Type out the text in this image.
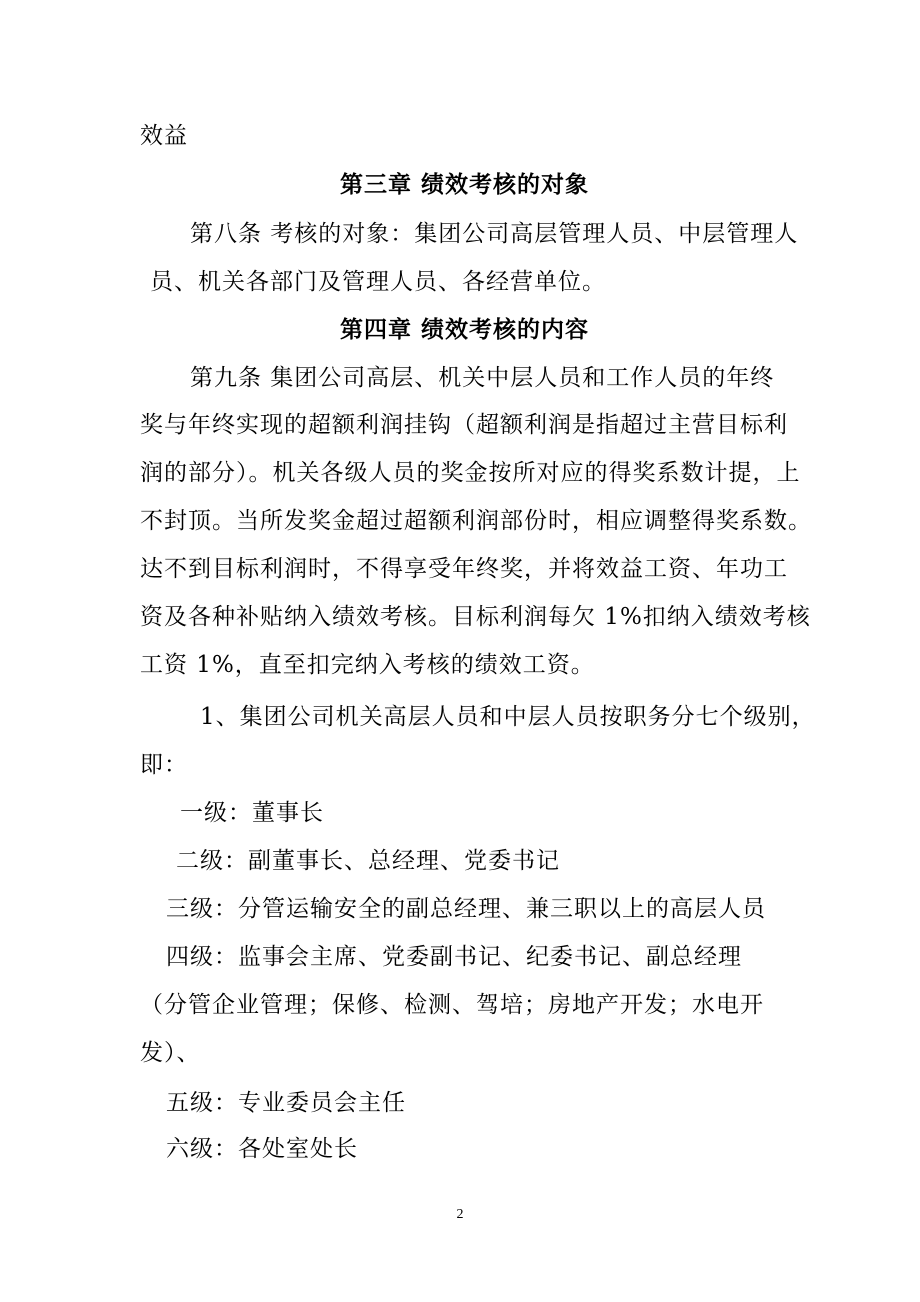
效益
第三章 绩效考核的对象
第八条 考核的对象：集团公司高层管理人员、中层管理人
员、机关各部门及管理人员、各经营单位。
第四章 绩效考核的内容
第九条 集团公司高层、机关中层人员和工作人员的年终
奖与年终实现的超额利润挂钩（超额利润是指超过主营目标利
润的部分）。机关各级人员的奖金按所对应的得奖系数计提，上
不封顶。当所发奖金超过超额利润部份时，相应调整得奖系数。
达不到目标利润时，不得享受年终奖，并将效益工资、年功工
资及各种补贴纳入绩效考核。目标利润每欠 1%扣纳入绩效考核
工资 1%，直至扣完纳入考核的绩效工资。
1、集团公司机关高层人员和中层人员按职务分七个级别，
即：
一级：董事长
二级：副董事长、总经理、党委书记
三级：分管运输安全的副总经理、兼三职以上的高层人员
四级：监事会主席、党委副书记、纪委书记、副总经理
（分管企业管理；保修、检测、驾培；房地产开发；水电开
发）、
五级：专业委员会主任
六级：各处室处长
2
